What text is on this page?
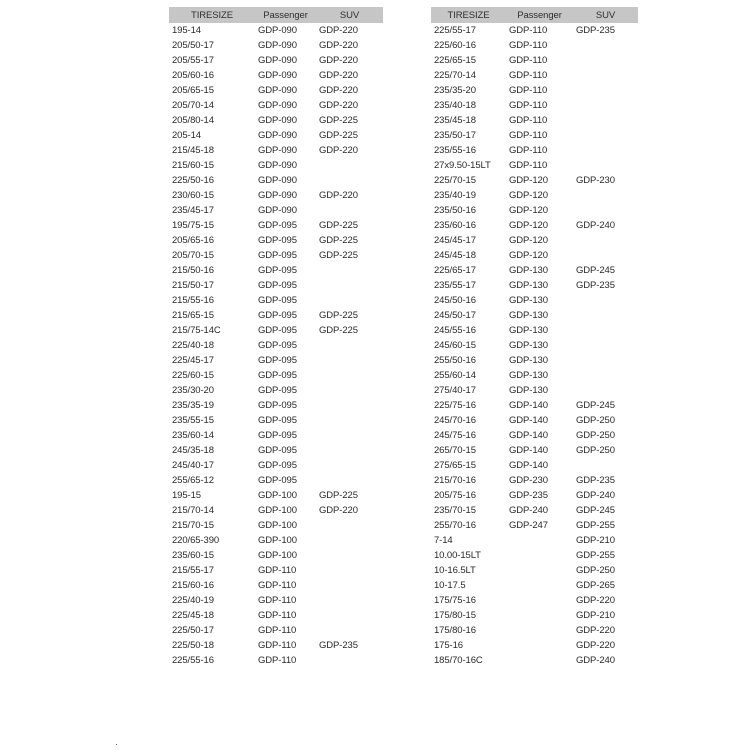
TIRESIZE	Passenger	SUV
195-14	GDP-090	GDP-220
205/50-17	GDP-090	GDP-220
205/55-17	GDP-090	GDP-220
205/60-16	GDP-090	GDP-220
205/65-15	GDP-090	GDP-220
205/70-14	GDP-090	GDP-220
205/80-14	GDP-090	GDP-225
205-14	GDP-090	GDP-225
215/45-18	GDP-090	GDP-220
215/60-15	GDP-090	
225/50-16	GDP-090	
230/60-15	GDP-090	GDP-220
235/45-17	GDP-090	
195/75-15	GDP-095	GDP-225
205/65-16	GDP-095	GDP-225
205/70-15	GDP-095	GDP-225
215/50-16	GDP-095	
215/50-17	GDP-095	
215/55-16	GDP-095	
215/65-15	GDP-095	GDP-225
215/75-14C	GDP-095	GDP-225
225/40-18	GDP-095	
225/45-17	GDP-095	
225/60-15	GDP-095	
235/30-20	GDP-095	
235/35-19	GDP-095	
235/55-15	GDP-095	
235/60-14	GDP-095	
245/35-18	GDP-095	
245/40-17	GDP-095	
255/65-12	GDP-095	
195-15	GDP-100	GDP-225
215/70-14	GDP-100	GDP-220
215/70-15	GDP-100	
220/65-390	GDP-100	
235/60-15	GDP-100	
215/55-17	GDP-110	
215/60-16	GDP-110	
225/40-19	GDP-110	
225/45-18	GDP-110	
225/50-17	GDP-110	
225/50-18	GDP-110	GDP-235
225/55-16	GDP-110	
TIRESIZE	Passenger	SUV
225/55-17	GDP-110	GDP-235
225/60-16	GDP-110	
225/65-15	GDP-110	
225/70-14	GDP-110	
235/35-20	GDP-110	
235/40-18	GDP-110	
235/45-18	GDP-110	
235/50-17	GDP-110	
235/55-16	GDP-110	
27x9.50-15LT	GDP-110	
225/70-15	GDP-120	GDP-230
235/40-19	GDP-120	
235/50-16	GDP-120	
235/60-16	GDP-120	GDP-240
245/45-17	GDP-120	
245/45-18	GDP-120	
225/65-17	GDP-130	GDP-245
235/55-17	GDP-130	GDP-235
245/50-16	GDP-130	
245/50-17	GDP-130	
245/55-16	GDP-130	
245/60-15	GDP-130	
255/50-16	GDP-130	
255/60-14	GDP-130	
275/40-17	GDP-130	
225/75-16	GDP-140	GDP-245
245/70-16	GDP-140	GDP-250
245/75-16	GDP-140	GDP-250
265/70-15	GDP-140	GDP-250
275/65-15	GDP-140	
215/70-16	GDP-230	GDP-235
205/75-16	GDP-235	GDP-240
235/70-15	GDP-240	GDP-245
255/70-16	GDP-247	GDP-255
7-14		GDP-210
10.00-15LT		GDP-255
10-16.5LT		GDP-250
10-17.5		GDP-265
175/75-16		GDP-220
175/80-15		GDP-210
175/80-16		GDP-220
175-16		GDP-220
185/70-16C		GDP-240
